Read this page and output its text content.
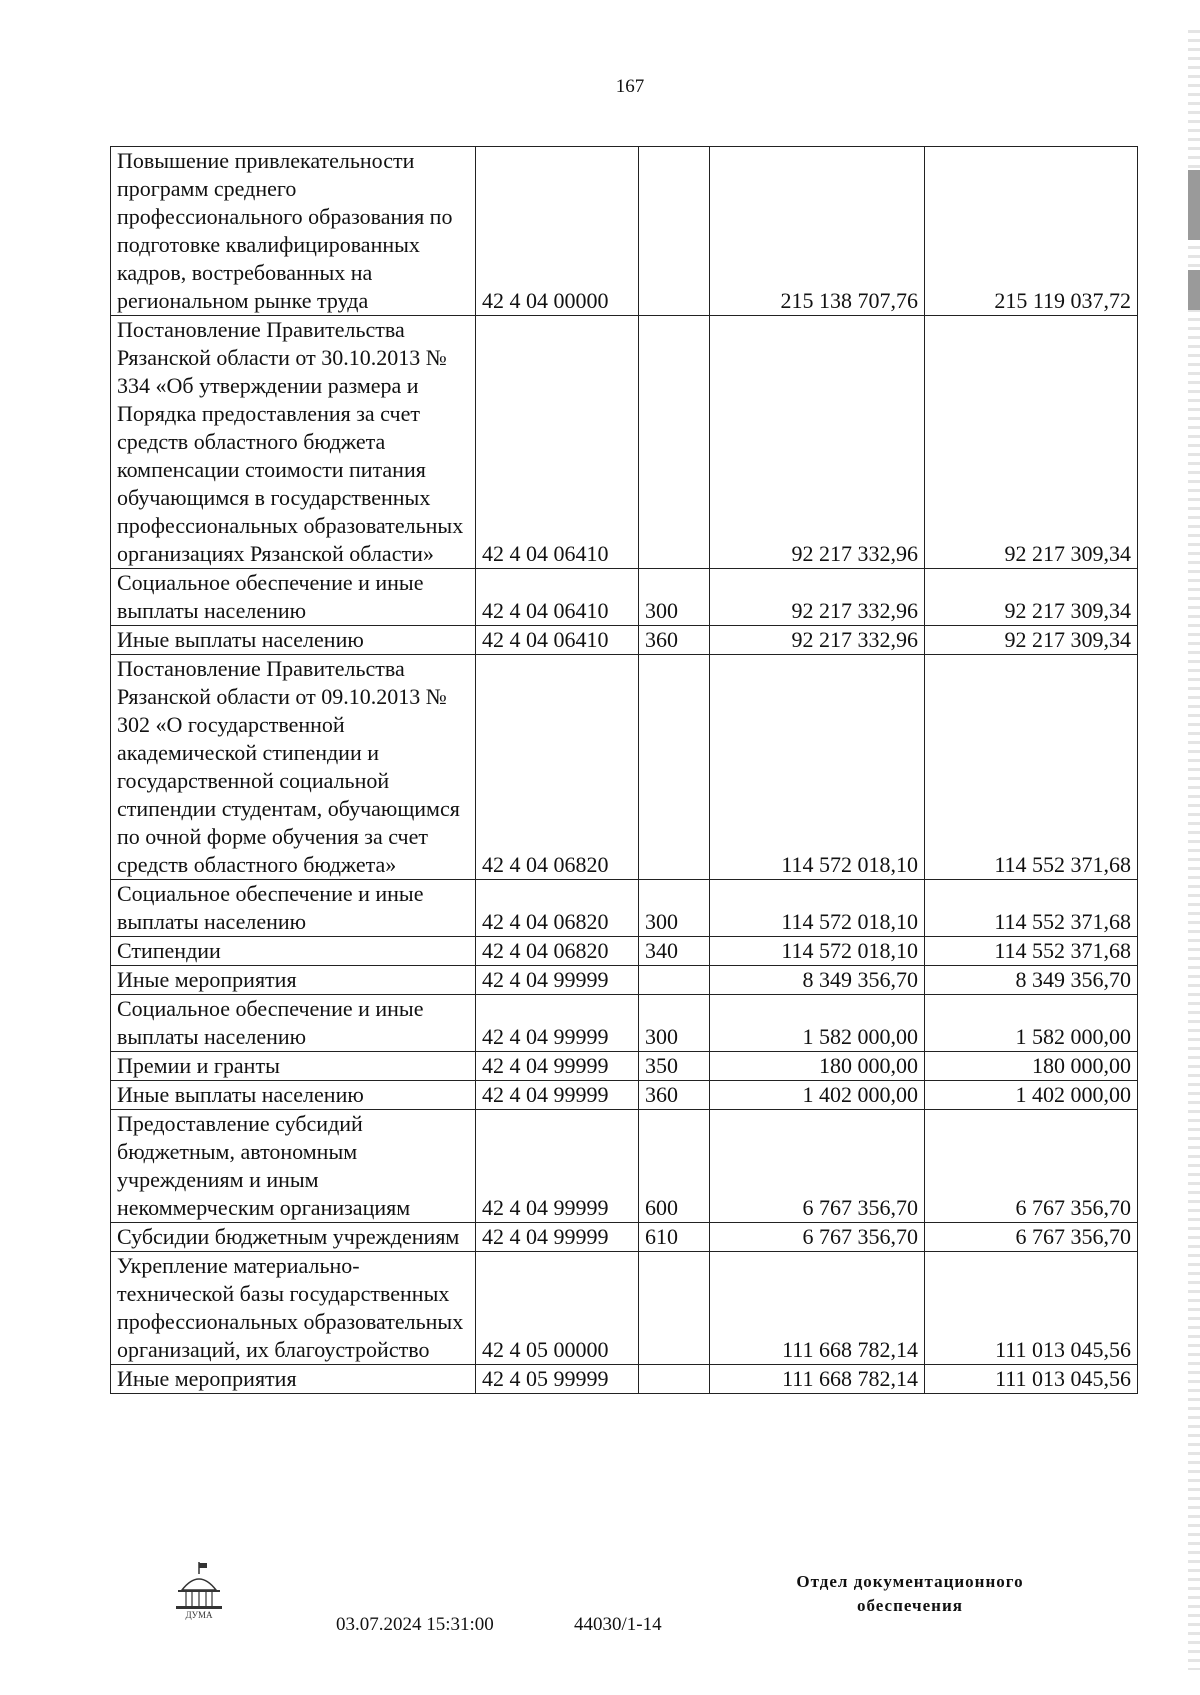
167
Повышение привлекательности программ среднего профессионального образования по подготовке квалифицированных кадров, востребованных на региональном рынке труда	42 4 04 00000		215 138 707,76	215 119 037,72
Постановление Правительства Рязанской области от 30.10.2013 № 334 «Об утверждении размера и Порядка предоставления за счет средств областного бюджета компенсации стоимости питания обучающимся в государственных профессиональных образовательных организациях Рязанской области»	42 4 04 06410		92 217 332,96	92 217 309,34
Социальное обеспечение и иные выплаты населению	42 4 04 06410	300	92 217 332,96	92 217 309,34
Иные выплаты населению	42 4 04 06410	360	92 217 332,96	92 217 309,34
Постановление Правительства Рязанской области от 09.10.2013 № 302 «О государственной академической стипендии и государственной социальной стипендии студентам, обучающимся по очной форме обучения за счет средств областного бюджета»	42 4 04 06820		114 572 018,10	114 552 371,68
Социальное обеспечение и иные выплаты населению	42 4 04 06820	300	114 572 018,10	114 552 371,68
Стипендии	42 4 04 06820	340	114 572 018,10	114 552 371,68
Иные мероприятия	42 4 04 99999		8 349 356,70	8 349 356,70
Социальное обеспечение и иные выплаты населению	42 4 04 99999	300	1 582 000,00	1 582 000,00
Премии и гранты	42 4 04 99999	350	180 000,00	180 000,00
Иные выплаты населению	42 4 04 99999	360	1 402 000,00	1 402 000,00
Предоставление субсидий бюджетным, автономным учреждениям и иным некоммерческим организациям	42 4 04 99999	600	6 767 356,70	6 767 356,70
Субсидии бюджетным учреждениям	42 4 04 99999	610	6 767 356,70	6 767 356,70
Укрепление материально-технической базы государственных профессиональных образовательных организаций, их благоустройство	42 4 05 00000		111 668 782,14	111 013 045,56
Иные мероприятия	42 4 05 99999		111 668 782,14	111 013 045,56
ДУМА	03.07.2024 15:31:00	44030/1-14
Отдел документационного обеспечения
